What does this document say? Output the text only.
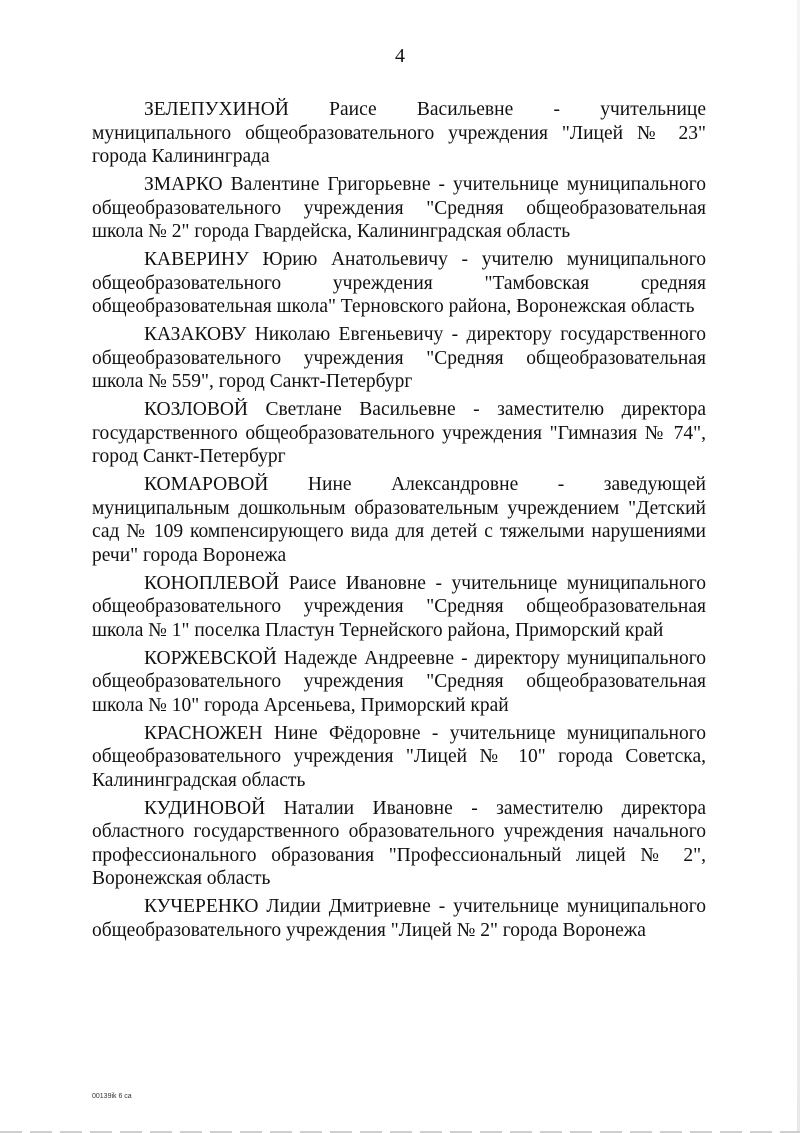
4

ЗЕЛЕПУХИНОЙ Раисе Васильевне - учительнице муниципального общеобразовательного учреждения "Лицей № 23" города Калининграда

ЗМАРКО Валентине Григорьевне - учительнице муниципального общеобразовательного учреждения "Средняя общеобразовательная школа № 2" города Гвардейска, Калининградская область

КАВЕРИНУ Юрию Анатольевичу - учителю муниципального общеобразовательного учреждения "Тамбовская средняя общеобразовательная школа" Терновского района, Воронежская область

КАЗАКОВУ Николаю Евгеньевичу - директору государственного общеобразовательного учреждения "Средняя общеобразовательная школа № 559", город Санкт-Петербург

КОЗЛОВОЙ Светлане Васильевне - заместителю директора государственного общеобразовательного учреждения "Гимназия № 74", город Санкт-Петербург

КОМАРОВОЙ Нине Александровне - заведующей муниципальным дошкольным образовательным учреждением "Детский сад № 109 компенсирующего вида для детей с тяжелыми нарушениями речи" города Воронежа

КОНОПЛЕВОЙ Раисе Ивановне - учительнице муниципального общеобразовательного учреждения "Средняя общеобразовательная школа № 1" поселка Пластун Тернейского района, Приморский край

КОРЖЕВСКОЙ Надежде Андреевне - директору муниципального общеобразовательного учреждения "Средняя общеобразовательная школа № 10" города Арсеньева, Приморский край

КРАСНОЖЕН Нине Фёдоровне - учительнице муниципального общеобразовательного учреждения "Лицей № 10" города Советска, Калининградская область

КУДИНОВОЙ Наталии Ивановне - заместителю директора областного государственного образовательного учреждения начального профессионального образования "Профессиональный лицей № 2", Воронежская область

КУЧЕРЕНКО Лидии Дмитриевне - учительнице муниципального общеобразовательного учреждения "Лицей № 2" города Воронежа

00139ik 6 ca
